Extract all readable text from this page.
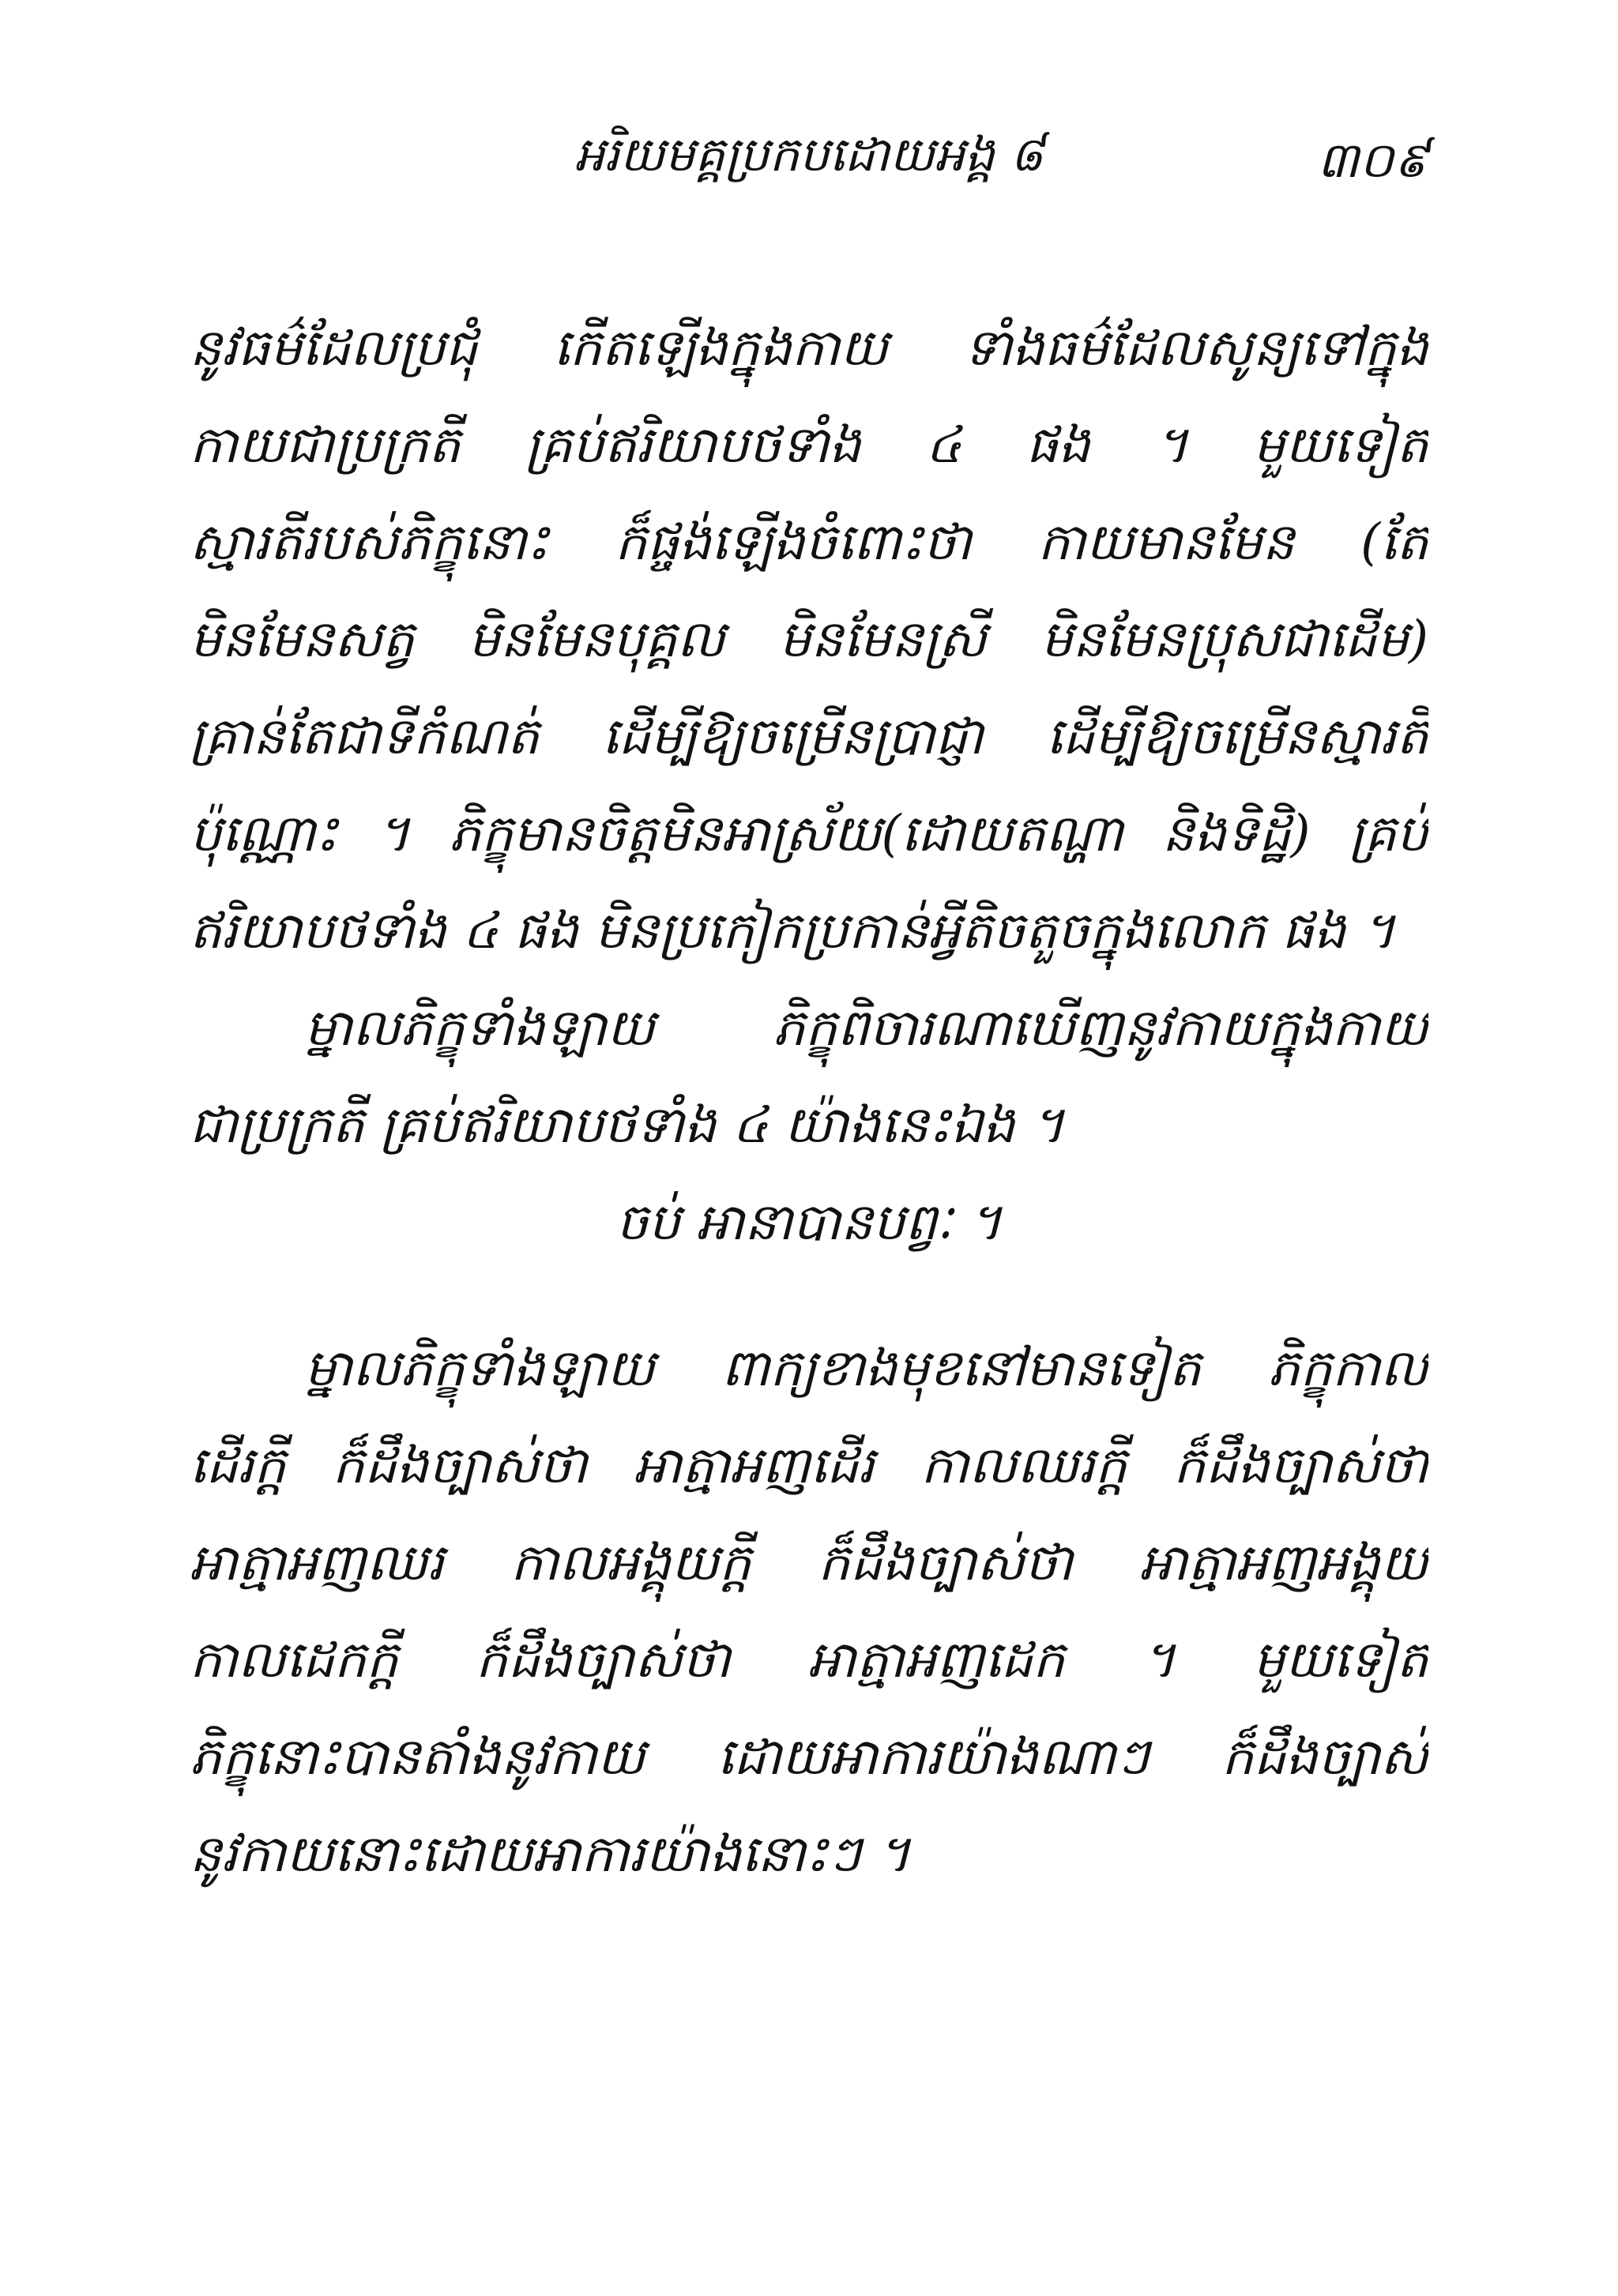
អរិយមគ្គប្រកបដោយអង្គ ៨	៣០៩
នូវធម៌ដែលប្រជុំ កើតឡើងក្នុងកាយ ទាំងធម៌ដែលសូន្យទៅក្នុង
កាយជាប្រក្រតី គ្រប់ឥរិយាបថទាំង ៤ ផង ។ មួយទៀត
ស្មារតីរបស់ភិក្ខុនោះ ក៏ផ្ចង់ឡើងចំពោះថា កាយមានមែន (តែ
មិនមែនសត្វ មិនមែនបុគ្គល មិនមែនស្រី មិនមែនប្រុសជាដើម)
គ្រាន់តែជាទីកំណត់ ដើម្បីឱ្យចម្រើនប្រាជ្ញា ដើម្បីឱ្យចម្រើនស្មារតី
ប៉ុណ្ណោះ ។ ភិក្ខុមានចិត្តមិនអាស្រ័យ(ដោយតណ្ហា និងទិដ្ឋិ) គ្រប់
ឥរិយាបថទាំង ៤ ផង មិនប្រកៀកប្រកាន់អ្វីតិចតួចក្នុងលោក ផង ។
ម្នាលភិក្ខុទាំងឡាយ ភិក្ខុពិចារណាឃើញនូវកាយក្នុងកាយ
ជាប្រក្រតី គ្រប់ឥរិយាបថទាំង ៤ យ៉ាងនេះឯង ។
ចប់ អានាបានបព្វៈ ។
ម្នាលភិក្ខុទាំងឡាយ ពាក្យខាងមុខនៅមានទៀត ភិក្ខុកាល
ដើរក្តី ក៏ដឹងច្បាស់ថា អាត្មាអញដើរ កាលឈរក្តី ក៏ដឹងច្បាស់ថា
អាត្មាអញឈរ កាលអង្គុយក្តី ក៏ដឹងច្បាស់ថា អាត្មាអញអង្គុយ
កាលដេកក្តី ក៏ដឹងច្បាស់ថា អាត្មាអញដេក ។ មួយទៀត
ភិក្ខុនោះបានតាំងនូវកាយ ដោយអាការយ៉ាងណាៗ ក៏ដឹងច្បាស់
នូវកាយនោះដោយអាការយ៉ាងនោះៗ ។
